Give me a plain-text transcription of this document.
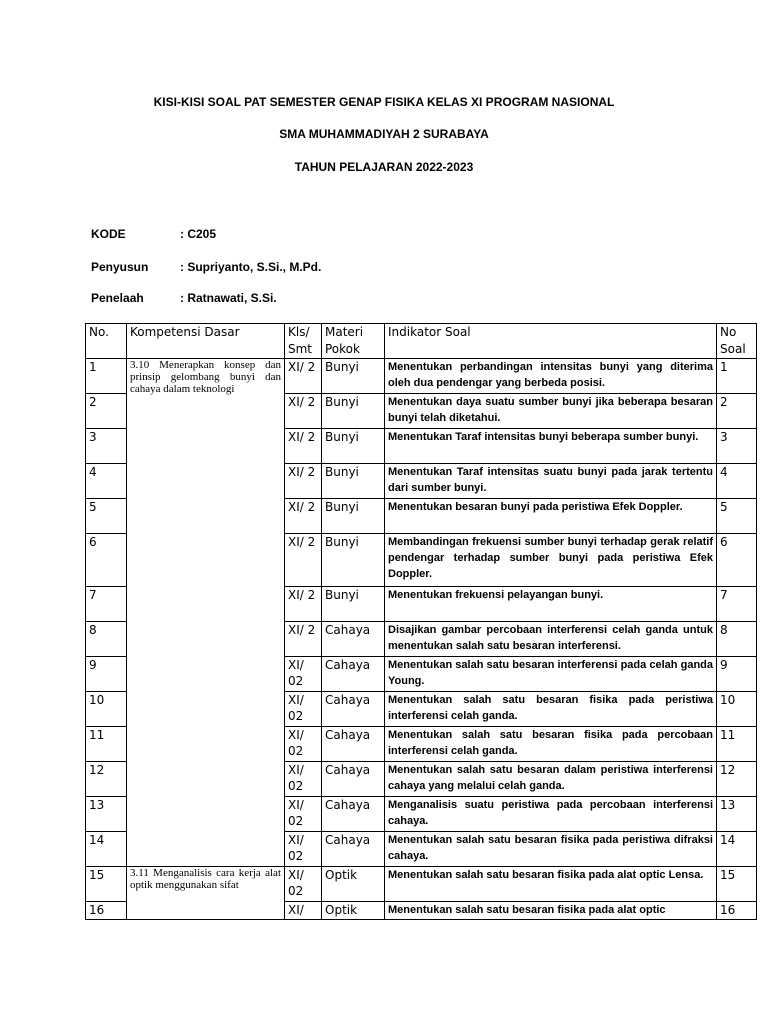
KISI-KISI SOAL PAT SEMESTER GENAP FISIKA KELAS XI PROGRAM NASIONAL
SMA MUHAMMADIYAH 2 SURABAYA
TAHUN PELAJARAN 2022-2023
KODE	: C205
Penyusun	: Supriyanto, S.Si., M.Pd.
Penelaah	: Ratnawati, S.Si.
No.	Kompetensi Dasar	Kls/ Smt	Materi Pokok	Indikator Soal	No Soal
1	3.10 Menerapkan konsep dan prinsip gelombang bunyi dan cahaya dalam teknologi	XI/ 2	Bunyi	Menentukan perbandingan intensitas bunyi yang diterima oleh dua pendengar yang berbeda posisi.	1
2		XI/ 2	Bunyi	Menentukan daya suatu sumber bunyi jika beberapa besaran bunyi telah diketahui.	2
3		XI/ 2	Bunyi	Menentukan Taraf intensitas bunyi beberapa sumber bunyi.	3
4		XI/ 2	Bunyi	Menentukan Taraf intensitas suatu bunyi pada jarak tertentu dari sumber bunyi.	4
5		XI/ 2	Bunyi	Menentukan besaran bunyi pada peristiwa Efek Doppler.	5
6		XI/ 2	Bunyi	Membandingan frekuensi sumber bunyi terhadap gerak relatif pendengar terhadap sumber bunyi pada peristiwa Efek Doppler.	6
7		XI/ 2	Bunyi	Menentukan frekuensi pelayangan bunyi.	7
8		XI/ 2	Cahaya	Disajikan gambar percobaan interferensi celah ganda untuk menentukan salah satu besaran interferensi.	8
9		XI/ 02	Cahaya	Menentukan salah satu besaran interferensi pada celah ganda Young.	9
10		XI/ 02	Cahaya	Menentukan salah satu besaran fisika pada peristiwa interferensi celah ganda.	10
11		XI/ 02	Cahaya	Menentukan salah satu besaran fisika pada percobaan interferensi celah ganda.	11
12		XI/ 02	Cahaya	Menentukan salah satu besaran dalam peristiwa interferensi cahaya yang melalui celah ganda.	12
13		XI/ 02	Cahaya	Menganalisis suatu peristiwa pada percobaan interferensi cahaya.	13
14		XI/ 02	Cahaya	Menentukan salah satu besaran fisika pada peristiwa difraksi cahaya.	14
15	3.11 Menganalisis cara kerja alat optik menggunakan sifat	XI/ 02	Optik	Menentukan salah satu besaran fisika pada alat optic Lensa.	15
16		XI/	Optik	Menentukan salah satu besaran fisika pada alat optic	16
